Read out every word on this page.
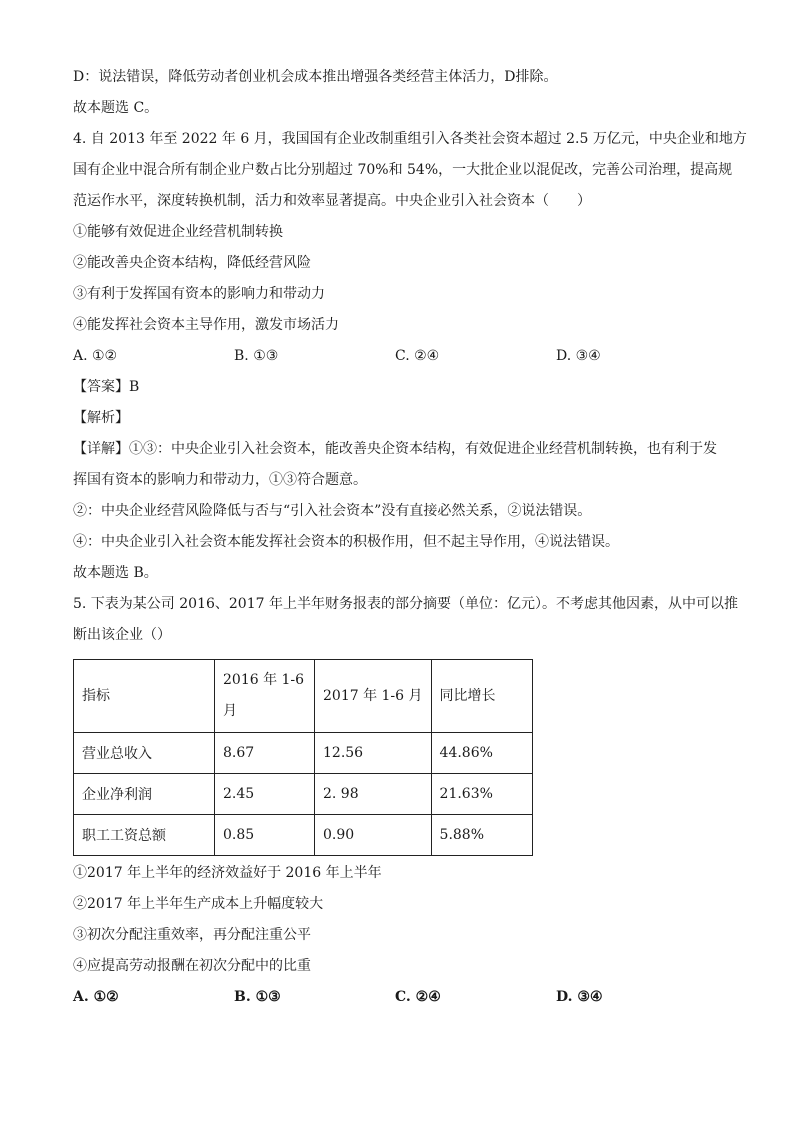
D：说法错误，降低劳动者创业机会成本推出增强各类经营主体活力，D排除。
故本题选 C。
4. 自 2013 年至 2022 年 6 月，我国国有企业改制重组引入各类社会资本超过 2.5 万亿元，中央企业和地方
国有企业中混合所有制企业户数占比分别超过 70%和 54%，一大批企业以混促改，完善公司治理，提高规
范运作水平，深度转换机制，活力和效率显著提高。中央企业引入社会资本（　　）
①能够有效促进企业经营机制转换
②能改善央企资本结构，降低经营风险
③有利于发挥国有资本的影响力和带动力
④能发挥社会资本主导作用，激发市场活力
A. ①②	B. ①③	C. ②④	D. ③④
【答案】B
【解析】
【详解】①③：中央企业引入社会资本，能改善央企资本结构，有效促进企业经营机制转换，也有利于发
挥国有资本的影响力和带动力，①③符合题意。
②：中央企业经营风险降低与否与“引入社会资本”没有直接必然关系，②说法错误。
④：中央企业引入社会资本能发挥社会资本的积极作用，但不起主导作用，④说法错误。
故本题选 B。
5. 下表为某公司 2016、2017 年上半年财务报表的部分摘要（单位：亿元）。不考虑其他因素，从中可以推
断出该企业（）
指标	2016 年 1-6 月	2017 年 1-6 月	同比增长
营业总收入	8.67	12.56	44.86%
企业净利润	2.45	2. 98	21.63%
职工工资总额	0.85	0.90	5.88%
①2017 年上半年的经济效益好于 2016 年上半年
②2017 年上半年生产成本上升幅度较大
③初次分配注重效率，再分配注重公平
④应提高劳动报酬在初次分配中的比重
A. ①②	B. ①③	C. ②④	D. ③④
